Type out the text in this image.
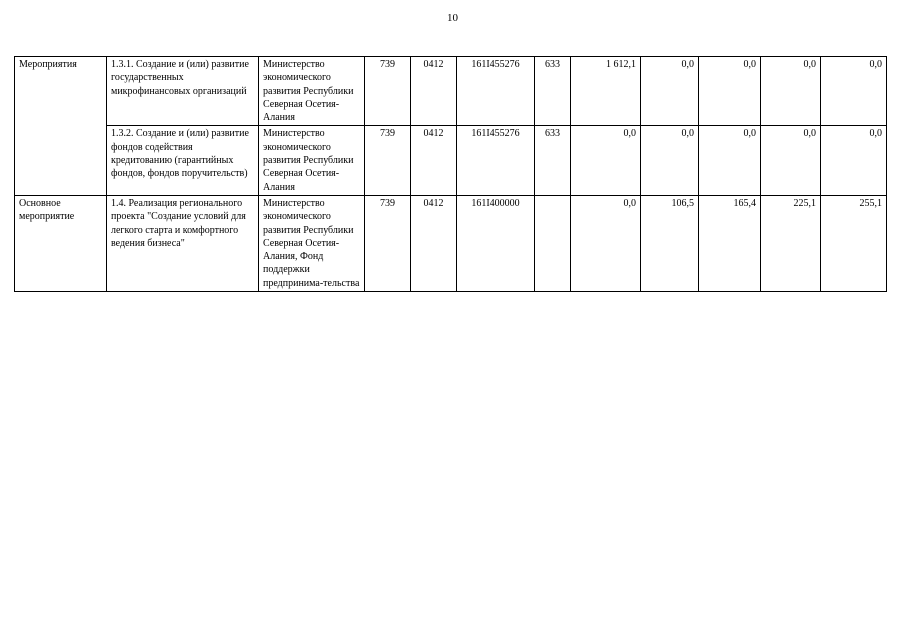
10
Мероприятия	1.3.1. Создание и (или) развитие государственных микрофинансовых организаций	Министерство экономического развития Республики Северная Осетия-Алания	739	0412	161I455276	633	1 612,1	0,0	0,0	0,0	0,0
	1.3.2. Создание и (или) развитие фондов содействия кредитованию (гарантийных фондов, фондов поручительств)	Министерство экономического развития Республики Северная Осетия-Алания	739	0412	161I455276	633	0,0	0,0	0,0	0,0	0,0
Основное мероприятие	1.4. Реализация регионального проекта "Создание условий для легкого старта и комфортного ведения бизнеса"	Министерство экономического развития Республики Северная Осетия-Алания, Фонд поддержки предпринима-тельства	739	0412	161I400000		0,0	106,5	165,4	225,1	255,1
